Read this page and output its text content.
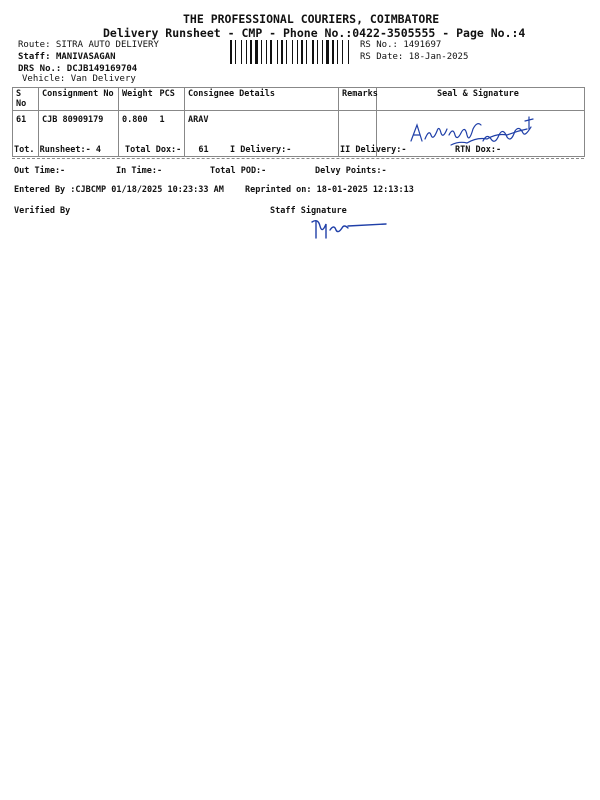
THE PROFESSIONAL COURIERS, COIMBATORE
Delivery Runsheet - CMP - Phone No.:0422-3505555 - Page No.:4
Route: SITRA AUTO DELIVERY
Staff: MANIVASAGAN
DRS No.: DCJB149169704
Vehicle: Van Delivery
RS No.: 1491697
RS Date: 18-Jan-2025
S No	Consignment No	Weight	PCS	Consignee Details	Remarks	Seal & Signature
61	CJB 80909179	0.800	1	ARAV		
Tot. Runsheet:- 4	Total Dox:- 61	I Delivery:-	II Delivery:-	RTN Dox:-
Out Time:-	In Time:-	Total POD:-	Delvy Points:-
Entered By :CJBCMP 01/18/2025 10:23:33 AM Reprinted on: 18-01-2025 12:13:13
Verified By	Staff Signature
